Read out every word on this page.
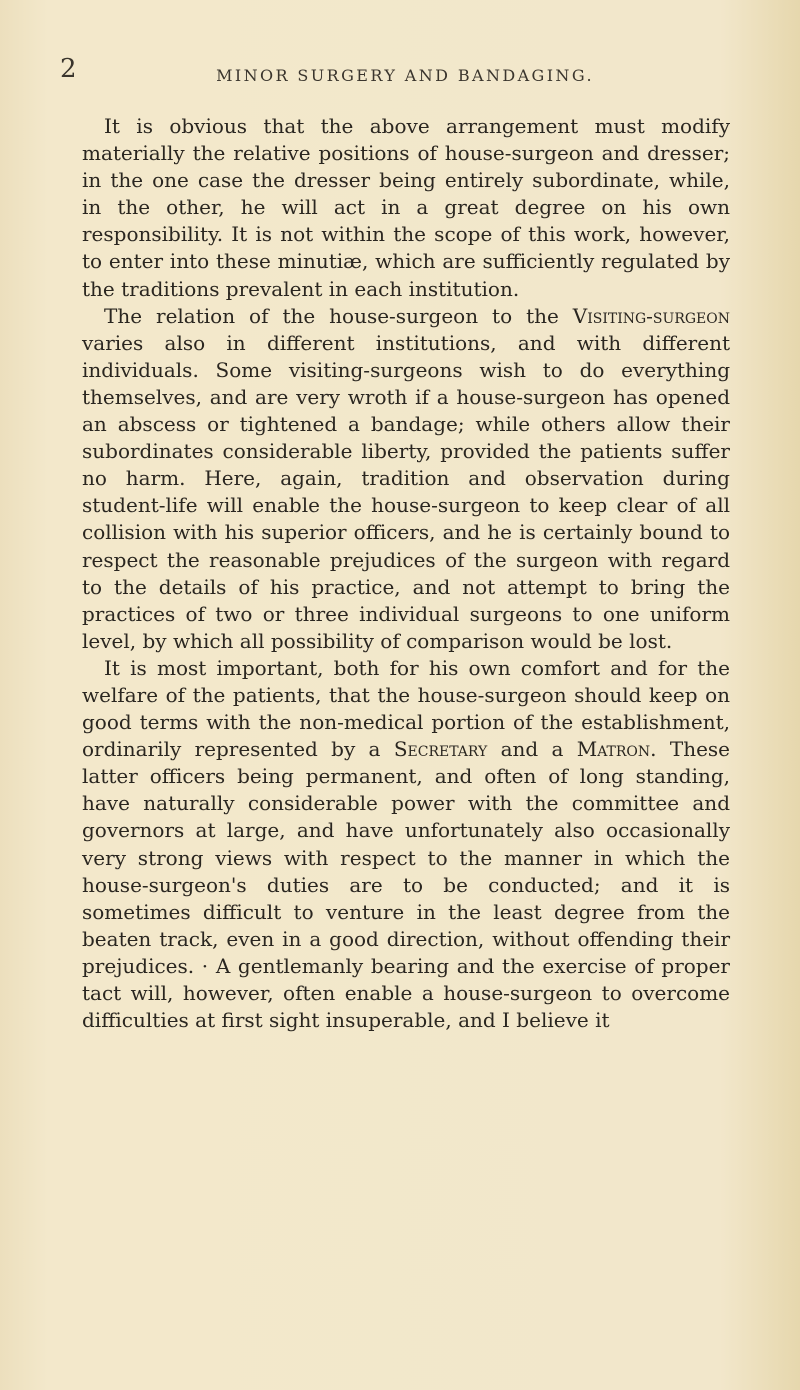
2	MINOR SURGERY AND BANDAGING.

It is obvious that the above arrangement must modify materially the relative positions of house-surgeon and dresser; in the one case the dresser being entirely subordinate, while, in the other, he will act in a great degree on his own responsibility. It is not within the scope of this work, however, to enter into these minutiæ, which are sufficiently regulated by the traditions prevalent in each institution.

The relation of the house-surgeon to the Visiting-surgeon varies also in different institutions, and with different individuals. Some visiting-surgeons wish to do everything themselves, and are very wroth if a house-surgeon has opened an abscess or tightened a bandage; while others allow their subordinates considerable liberty, provided the patients suffer no harm. Here, again, tradition and observation during student-life will enable the house-surgeon to keep clear of all collision with his superior officers, and he is certainly bound to respect the reasonable prejudices of the surgeon with regard to the details of his practice, and not attempt to bring the practices of two or three individual surgeons to one uniform level, by which all possibility of comparison would be lost.

It is most important, both for his own comfort and for the welfare of the patients, that the house-surgeon should keep on good terms with the non-medical portion of the establishment, ordinarily represented by a Secretary and a Matron. These latter officers being permanent, and often of long standing, have naturally considerable power with the committee and governors at large, and have unfortunately also occasionally very strong views with respect to the manner in which the house-surgeon's duties are to be conducted; and it is sometimes difficult to venture in the least degree from the beaten track, even in a good direction, without offending their prejudices. · A gentlemanly bearing and the exercise of proper tact will, however, often enable a house-surgeon to overcome difficulties at first sight insuperable, and I believe it
